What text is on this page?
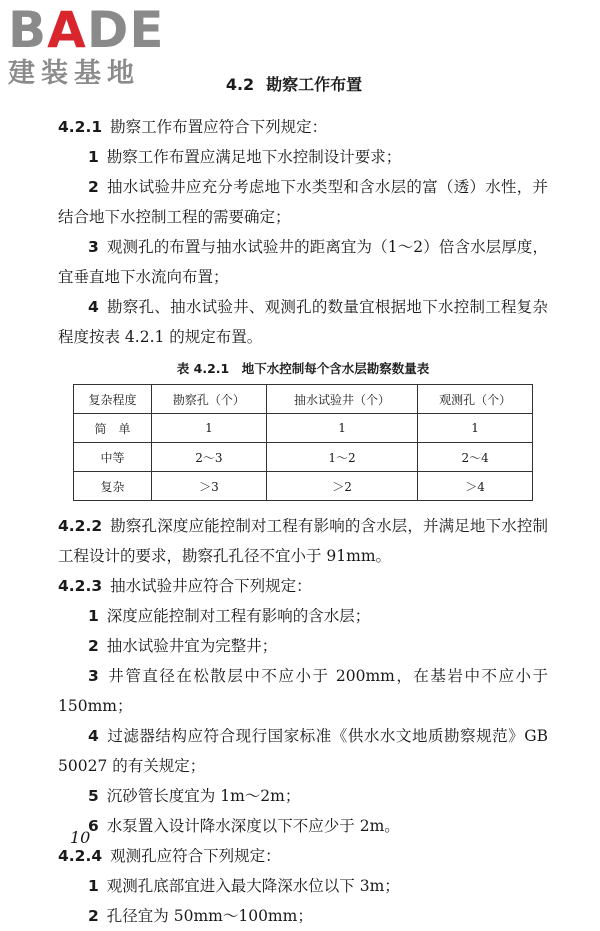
BADE
建装基地	4.2 勘察工作布置

4.2.1 勘察工作布置应符合下列规定：

1 勘察工作布置应满足地下水控制设计要求；

2 抽水试验井应充分考虑地下水类型和含水层的富（透）水性，并结合地下水控制工程的需要确定；

3 观测孔的布置与抽水试验井的距离宜为（1～2）倍含水层厚度，宜垂直地下水流向布置；

4 勘察孔、抽水试验井、观测孔的数量宜根据地下水控制工程复杂程度按表 4.2.1 的规定布置。

表 4.2.1　地下水控制每个含水层勘察数量表
复杂程度	勘察孔（个）	抽水试验井（个）	观测孔（个）
简　单	1	1	1
中等	2～3	1～2	2～4
复杂	＞3	＞2	＞4

4.2.2 勘察孔深度应能控制对工程有影响的含水层，并满足地下水控制工程设计的要求，勘察孔孔径不宜小于 91mm。

4.2.3 抽水试验井应符合下列规定：

1 深度应能控制对工程有影响的含水层；

2 抽水试验井宜为完整井；

3 井管直径在松散层中不应小于 200mm，在基岩中不应小于 150mm；

4 过滤器结构应符合现行国家标准《供水水文地质勘察规范》GB 50027 的有关规定；

5 沉砂管长度宜为 1m～2m；

6 水泵置入设计降水深度以下不应少于 2m。

4.2.4 观测孔应符合下列规定：

1 观测孔底部宜进入最大降深水位以下 3m；

2 孔径宜为 50mm～100mm；

10
